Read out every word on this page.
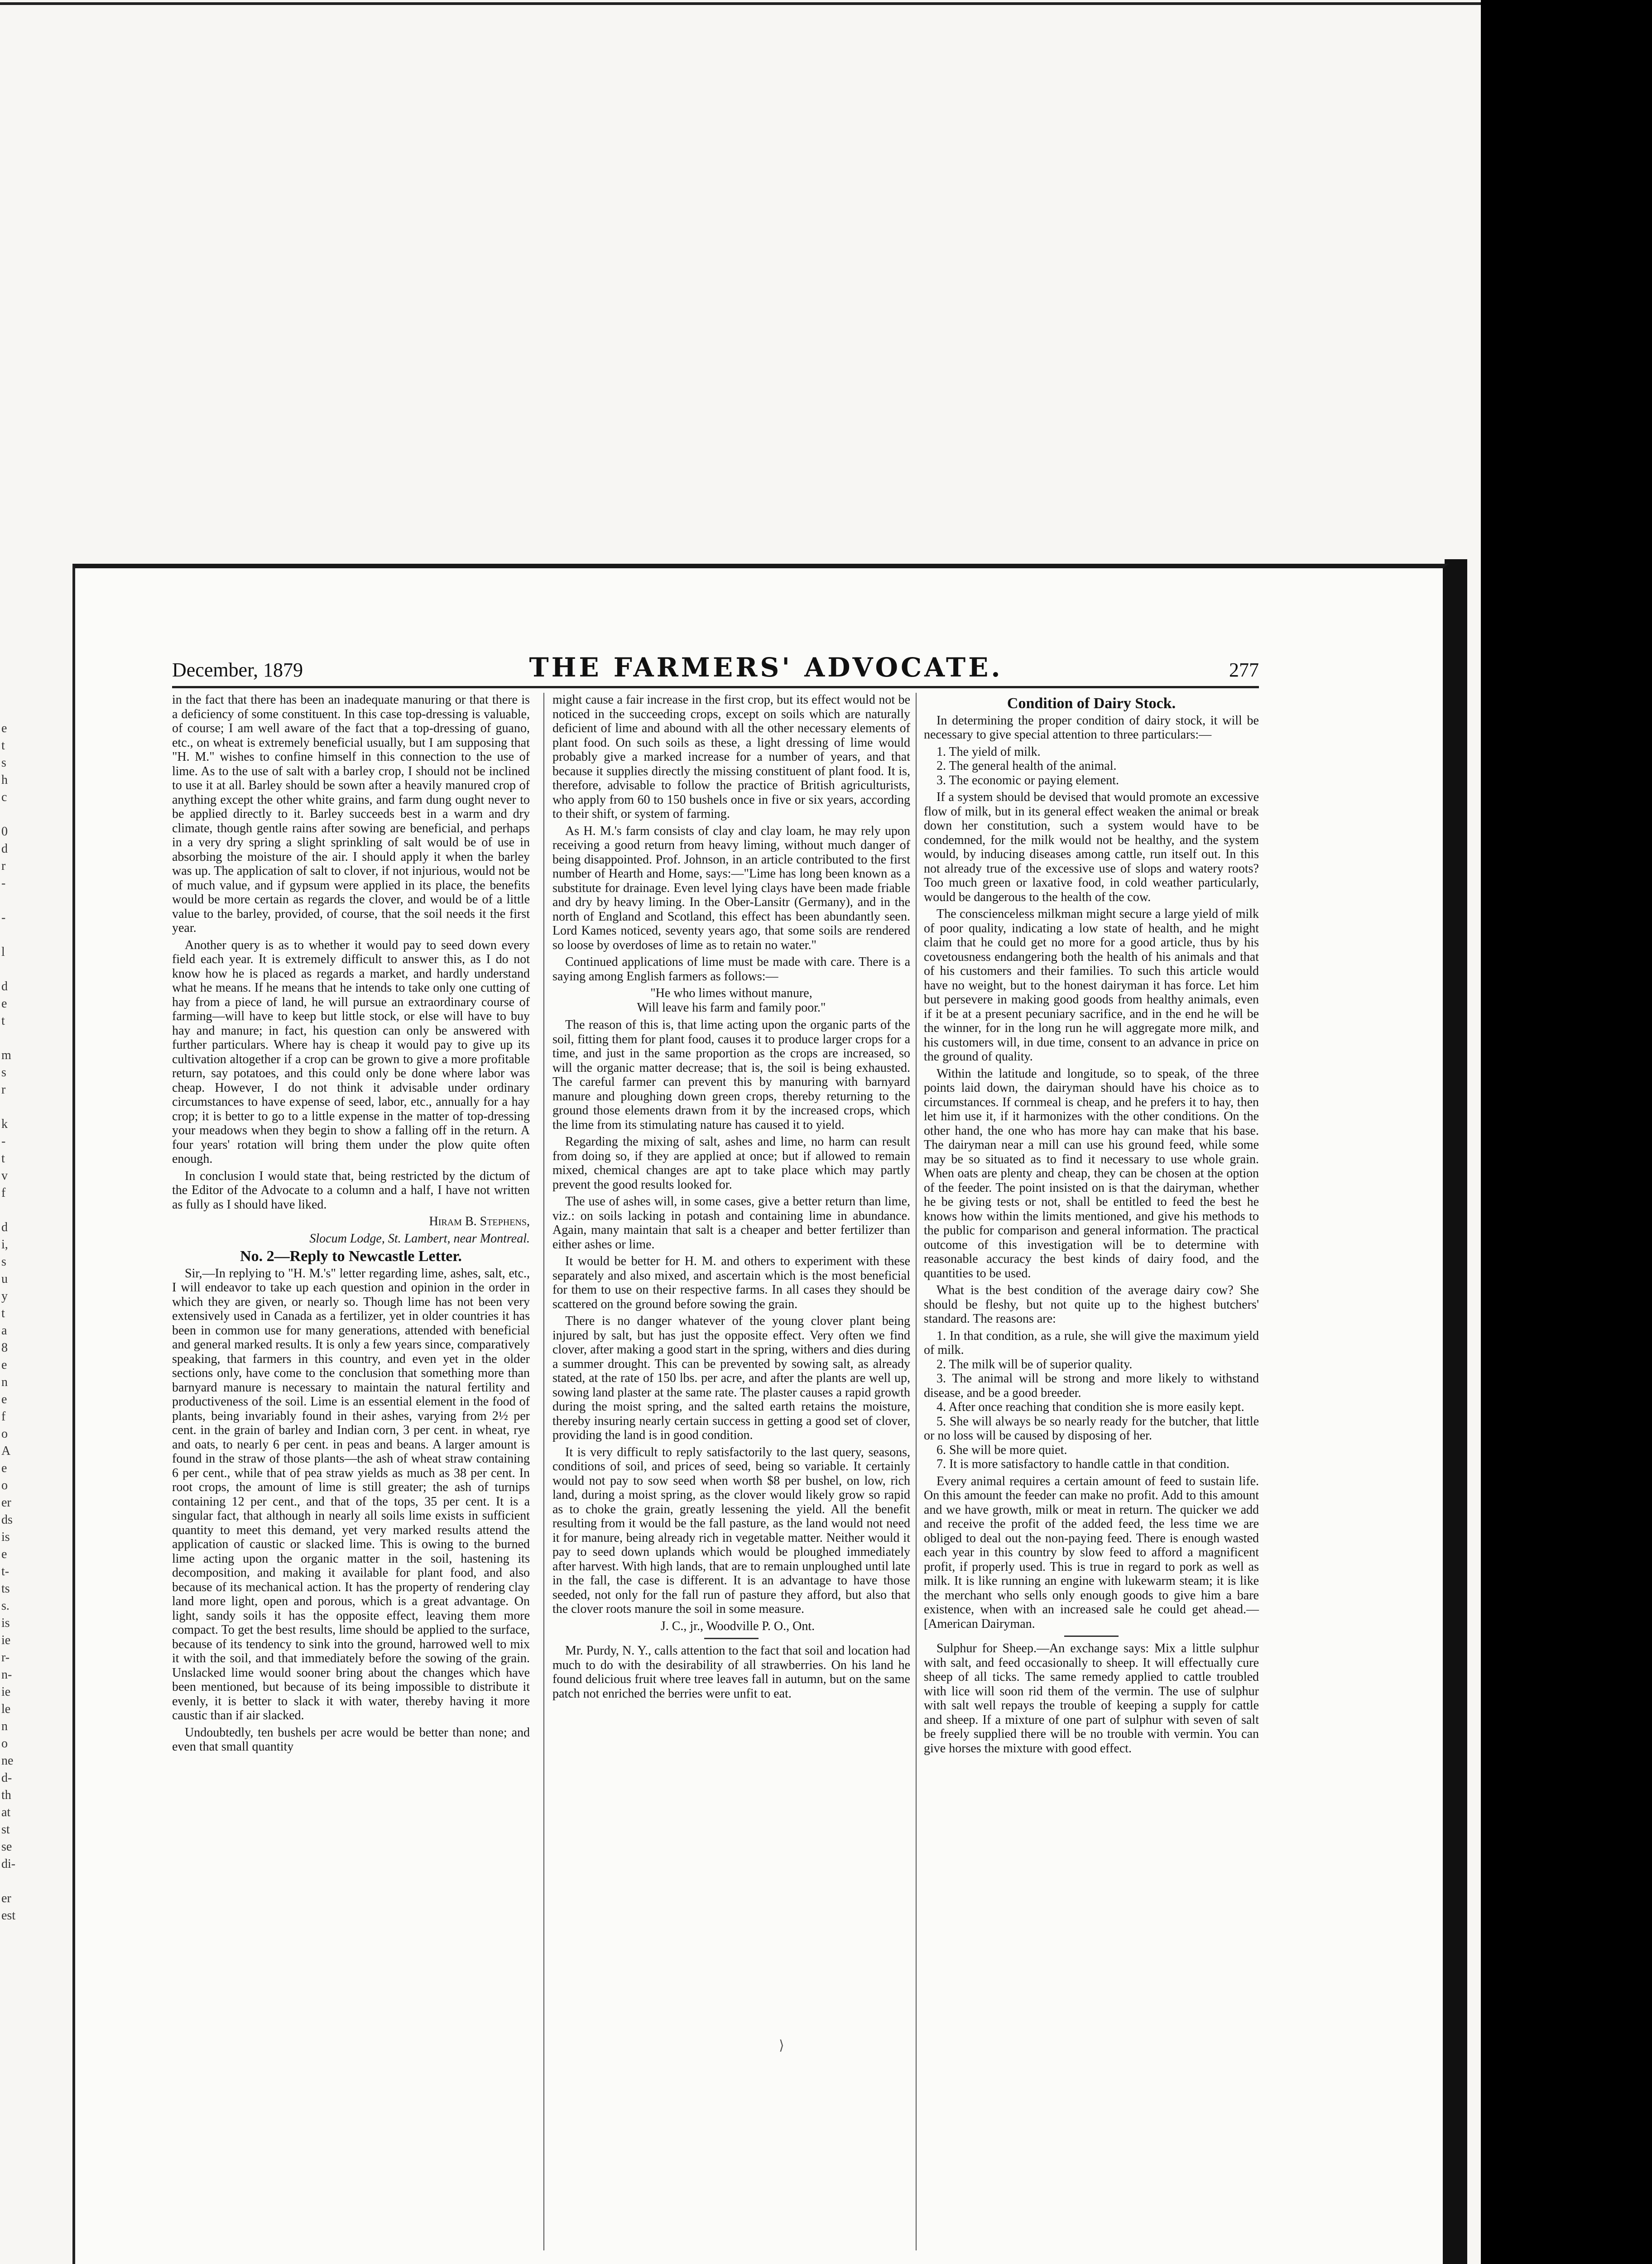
e
t
s
h
c
0
d
r
-
-
l
d
e
t
m
s
r
k
-
t
v
f
d
i,
s
u
y
t
a
8
e
n
e
f
o
A
e
o
er
ds
is
e
t-
ts
s.
is
ie
r-
n-
ie
le
n
o
ne
d-
th
at
st
se
di-
er
est
December, 1879	THE FARMERS' ADVOCATE.	277

in the fact that there has been an inadequate manuring or that there is a deficiency of some constituent. In this case top-dressing is valuable, of course; I am well aware of the fact that a top-dressing of guano, etc., on wheat is extremely beneficial usually, but I am supposing that "H. M." wishes to confine himself in this connection to the use of lime. As to the use of salt with a barley crop, I should not be inclined to use it at all. Barley should be sown after a heavily manured crop of anything except the other white grains, and farm dung ought never to be applied directly to it. Barley succeeds best in a warm and dry climate, though gentle rains after sowing are beneficial, and perhaps in a very dry spring a slight sprinkling of salt would be of use in absorbing the moisture of the air. I should apply it when the barley was up. The application of salt to clover, if not injurious, would not be of much value, and if gypsum were applied in its place, the benefits would be more certain as regards the clover, and would be of a little value to the barley, provided, of course, that the soil needs it the first year.

Another query is as to whether it would pay to seed down every field each year. It is extremely difficult to answer this, as I do not know how he is placed as regards a market, and hardly understand what he means. If he means that he intends to take only one cutting of hay from a piece of land, he will pursue an extraordinary course of farming—will have to keep but little stock, or else will have to buy hay and manure; in fact, his question can only be answered with further particulars. Where hay is cheap it would pay to give up its cultivation altogether if a crop can be grown to give a more profitable return, say potatoes, and this could only be done where labor was cheap. However, I do not think it advisable under ordinary circumstances to have expense of seed, labor, etc., annually for a hay crop; it is better to go to a little expense in the matter of top-dressing your meadows when they begin to show a falling off in the return. A four years' rotation will bring them under the plow quite often enough.

In conclusion I would state that, being restricted by the dictum of the Editor of the Advocate to a column and a half, I have not written as fully as I should have liked.

Hiram B. Stephens,

Slocum Lodge, St. Lambert, near Montreal.

No. 2—Reply to Newcastle Letter.

Sir,—In replying to "H. M.'s" letter regarding lime, ashes, salt, etc., I will endeavor to take up each question and opinion in the order in which they are given, or nearly so. Though lime has not been very extensively used in Canada as a fertilizer, yet in older countries it has been in common use for many generations, attended with beneficial and general marked results. It is only a few years since, comparatively speaking, that farmers in this country, and even yet in the older sections only, have come to the conclusion that something more than barnyard manure is necessary to maintain the natural fertility and productiveness of the soil. Lime is an essential element in the food of plants, being invariably found in their ashes, varying from 2½ per cent. in the grain of barley and Indian corn, 3 per cent. in wheat, rye and oats, to nearly 6 per cent. in peas and beans. A larger amount is found in the straw of those plants—the ash of wheat straw containing 6 per cent., while that of pea straw yields as much as 38 per cent. In root crops, the amount of lime is still greater; the ash of turnips containing 12 per cent., and that of the tops, 35 per cent. It is a singular fact, that although in nearly all soils lime exists in sufficient quantity to meet this demand, yet very marked results attend the application of caustic or slacked lime. This is owing to the burned lime acting upon the organic matter in the soil, hastening its decomposition, and making it available for plant food, and also because of its mechanical action. It has the property of rendering clay land more light, open and porous, which is a great advantage. On light, sandy soils it has the opposite effect, leaving them more compact. To get the best results, lime should be applied to the surface, because of its tendency to sink into the ground, harrowed well to mix it with the soil, and that immediately before the sowing of the grain. Unslacked lime would sooner bring about the changes which have been mentioned, but because of its being impossible to distribute it evenly, it is better to slack it with water, thereby having it more caustic than if air slacked.

Undoubtedly, ten bushels per acre would be better than none; and even that small quantity

might cause a fair increase in the first crop, but its effect would not be noticed in the succeeding crops, except on soils which are naturally deficient of lime and abound with all the other necessary elements of plant food. On such soils as these, a light dressing of lime would probably give a marked increase for a number of years, and that because it supplies directly the missing constituent of plant food. It is, therefore, advisable to follow the practice of British agriculturists, who apply from 60 to 150 bushels once in five or six years, according to their shift, or system of farming.

As H. M.'s farm consists of clay and clay loam, he may rely upon receiving a good return from heavy liming, without much danger of being disappointed. Prof. Johnson, in an article contributed to the first number of Hearth and Home, says:—"Lime has long been known as a substitute for drainage. Even level lying clays have been made friable and dry by heavy liming. In the Ober-Lansitr (Germany), and in the north of England and Scotland, this effect has been abundantly seen. Lord Kames noticed, seventy years ago, that some soils are rendered so loose by overdoses of lime as to retain no water."

Continued applications of lime must be made with care. There is a saying among English farmers as follows:—

"He who limes without manure,
Will leave his farm and family poor."

The reason of this is, that lime acting upon the organic parts of the soil, fitting them for plant food, causes it to produce larger crops for a time, and just in the same proportion as the crops are increased, so will the organic matter decrease; that is, the soil is being exhausted. The careful farmer can prevent this by manuring with barnyard manure and ploughing down green crops, thereby returning to the ground those elements drawn from it by the increased crops, which the lime from its stimulating nature has caused it to yield.

Regarding the mixing of salt, ashes and lime, no harm can result from doing so, if they are applied at once; but if allowed to remain mixed, chemical changes are apt to take place which may partly prevent the good results looked for.

The use of ashes will, in some cases, give a better return than lime, viz.: on soils lacking in potash and containing lime in abundance. Again, many maintain that salt is a cheaper and better fertilizer than either ashes or lime.

It would be better for H. M. and others to experiment with these separately and also mixed, and ascertain which is the most beneficial for them to use on their respective farms. In all cases they should be scattered on the ground before sowing the grain.

There is no danger whatever of the young clover plant being injured by salt, but has just the opposite effect. Very often we find clover, after making a good start in the spring, withers and dies during a summer drought. This can be prevented by sowing salt, as already stated, at the rate of 150 lbs. per acre, and after the plants are well up, sowing land plaster at the same rate. The plaster causes a rapid growth during the moist spring, and the salted earth retains the moisture, thereby insuring nearly certain success in getting a good set of clover, providing the land is in good condition.

It is very difficult to reply satisfactorily to the last query, seasons, conditions of soil, and prices of seed, being so variable. It certainly would not pay to sow seed when worth $8 per bushel, on low, rich land, during a moist spring, as the clover would likely grow so rapid as to choke the grain, greatly lessening the yield. All the benefit resulting from it would be the fall pasture, as the land would not need it for manure, being already rich in vegetable matter. Neither would it pay to seed down uplands which would be ploughed immediately after harvest. With high lands, that are to remain unploughed until late in the fall, the case is different. It is an advantage to have those seeded, not only for the fall run of pasture they afford, but also that the clover roots manure the soil in some measure.

J. C., jr., Woodville P. O., Ont.

Mr. Purdy, N. Y., calls attention to the fact that soil and location had much to do with the desirability of all strawberries. On his land he found delicious fruit where tree leaves fall in autumn, but on the same patch not enriched the berries were unfit to eat.

Condition of Dairy Stock.

In determining the proper condition of dairy stock, it will be necessary to give special attention to three particulars:—

1. The yield of milk.
2. The general health of the animal.
3. The economic or paying element.

If a system should be devised that would promote an excessive flow of milk, but in its general effect weaken the animal or break down her constitution, such a system would have to be condemned, for the milk would not be healthy, and the system would, by inducing diseases among cattle, run itself out. In this not already true of the excessive use of slops and watery roots? Too much green or laxative food, in cold weather particularly, would be dangerous to the health of the cow.

The conscienceless milkman might secure a large yield of milk of poor quality, indicating a low state of health, and he might claim that he could get no more for a good article, thus by his covetousness endangering both the health of his animals and that of his customers and their families. To such this article would have no weight, but to the honest dairyman it has force. Let him but persevere in making good goods from healthy animals, even if it be at a present pecuniary sacrifice, and in the end he will be the winner, for in the long run he will aggregate more milk, and his customers will, in due time, consent to an advance in price on the ground of quality.

Within the latitude and longitude, so to speak, of the three points laid down, the dairyman should have his choice as to circumstances. If cornmeal is cheap, and he prefers it to hay, then let him use it, if it harmonizes with the other conditions. On the other hand, the one who has more hay can make that his base. The dairyman near a mill can use his ground feed, while some may be so situated as to find it necessary to use whole grain. When oats are plenty and cheap, they can be chosen at the option of the feeder. The point insisted on is that the dairyman, whether he be giving tests or not, shall be entitled to feed the best he knows how within the limits mentioned, and give his methods to the public for comparison and general information. The practical outcome of this investigation will be to determine with reasonable accuracy the best kinds of dairy food, and the quantities to be used.

What is the best condition of the average dairy cow? She should be fleshy, but not quite up to the highest butchers' standard. The reasons are:

1. In that condition, as a rule, she will give the maximum yield of milk.
2. The milk will be of superior quality.
3. The animal will be strong and more likely to withstand disease, and be a good breeder.
4. After once reaching that condition she is more easily kept.
5. She will always be so nearly ready for the butcher, that little or no loss will be caused by disposing of her.
6. She will be more quiet.
7. It is more satisfactory to handle cattle in that condition.

Every animal requires a certain amount of feed to sustain life. On this amount the feeder can make no profit. Add to this amount and we have growth, milk or meat in return. The quicker we add and receive the profit of the added feed, the less time we are obliged to deal out the non-paying feed. There is enough wasted each year in this country by slow feed to afford a magnificent profit, if properly used. This is true in regard to pork as well as milk. It is like running an engine with lukewarm steam; it is like the merchant who sells only enough goods to give him a bare existence, when with an increased sale he could get ahead.—[American Dairyman.

Sulphur for Sheep.—An exchange says: Mix a little sulphur with salt, and feed occasionally to sheep. It will effectually cure sheep of all ticks. The same remedy applied to cattle troubled with lice will soon rid them of the vermin. The use of sulphur with salt well repays the trouble of keeping a supply for cattle and sheep. If a mixture of one part of sulphur with seven of salt be freely supplied there will be no trouble with vermin. You can give horses the mixture with good effect.

⟩
